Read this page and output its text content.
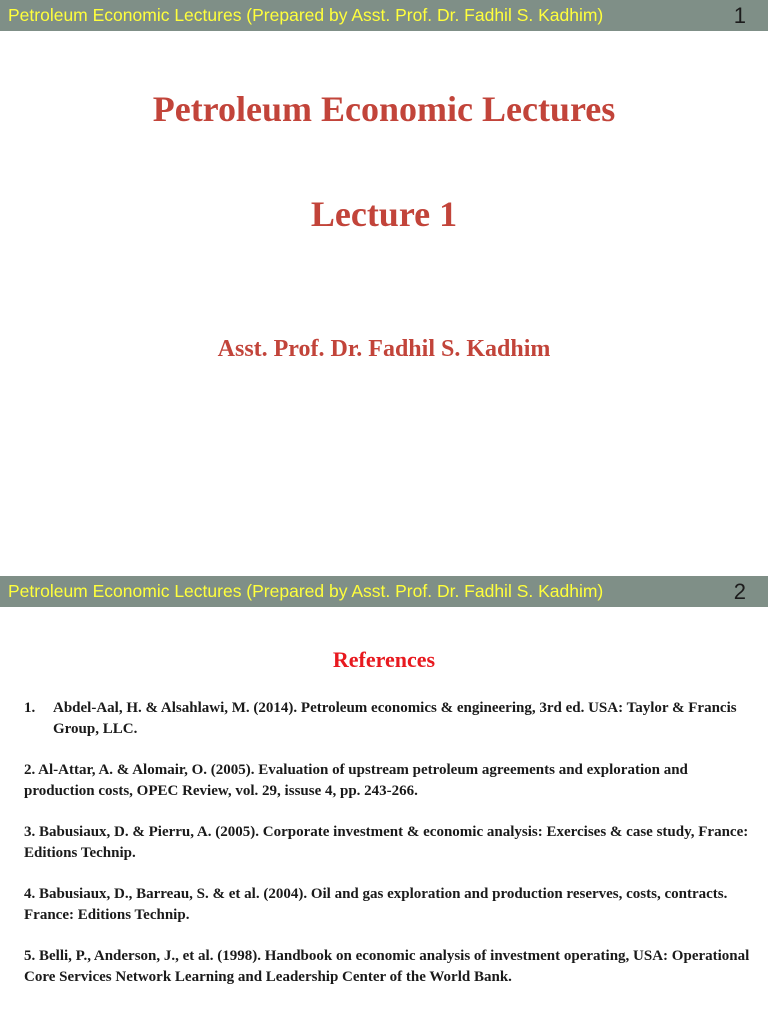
Petroleum Economic Lectures (Prepared by Asst. Prof. Dr. Fadhil S. Kadhim)	1
Petroleum Economic Lectures
Lecture 1
Asst. Prof. Dr. Fadhil S. Kadhim
Petroleum Economic Lectures (Prepared by Asst. Prof. Dr. Fadhil S. Kadhim)	2
References
1.	Abdel-Aal, H. & Alsahlawi, M. (2014). Petroleum economics & engineering, 3rd ed. USA: Taylor & Francis Group, LLC.
2. Al-Attar, A. & Alomair, O. (2005). Evaluation of upstream petroleum agreements and exploration and production costs, OPEC Review, vol. 29, issuse 4, pp. 243-266.
3. Babusiaux, D. & Pierru, A. (2005). Corporate investment & economic analysis: Exercises & case study, France: Editions Technip.
4. Babusiaux, D., Barreau, S. & et al. (2004). Oil and gas exploration and production reserves, costs, contracts. France: Editions Technip.
5. Belli, P., Anderson, J., et al. (1998). Handbook on economic analysis of investment operating, USA: Operational Core Services Network Learning and Leadership Center of the World Bank.
